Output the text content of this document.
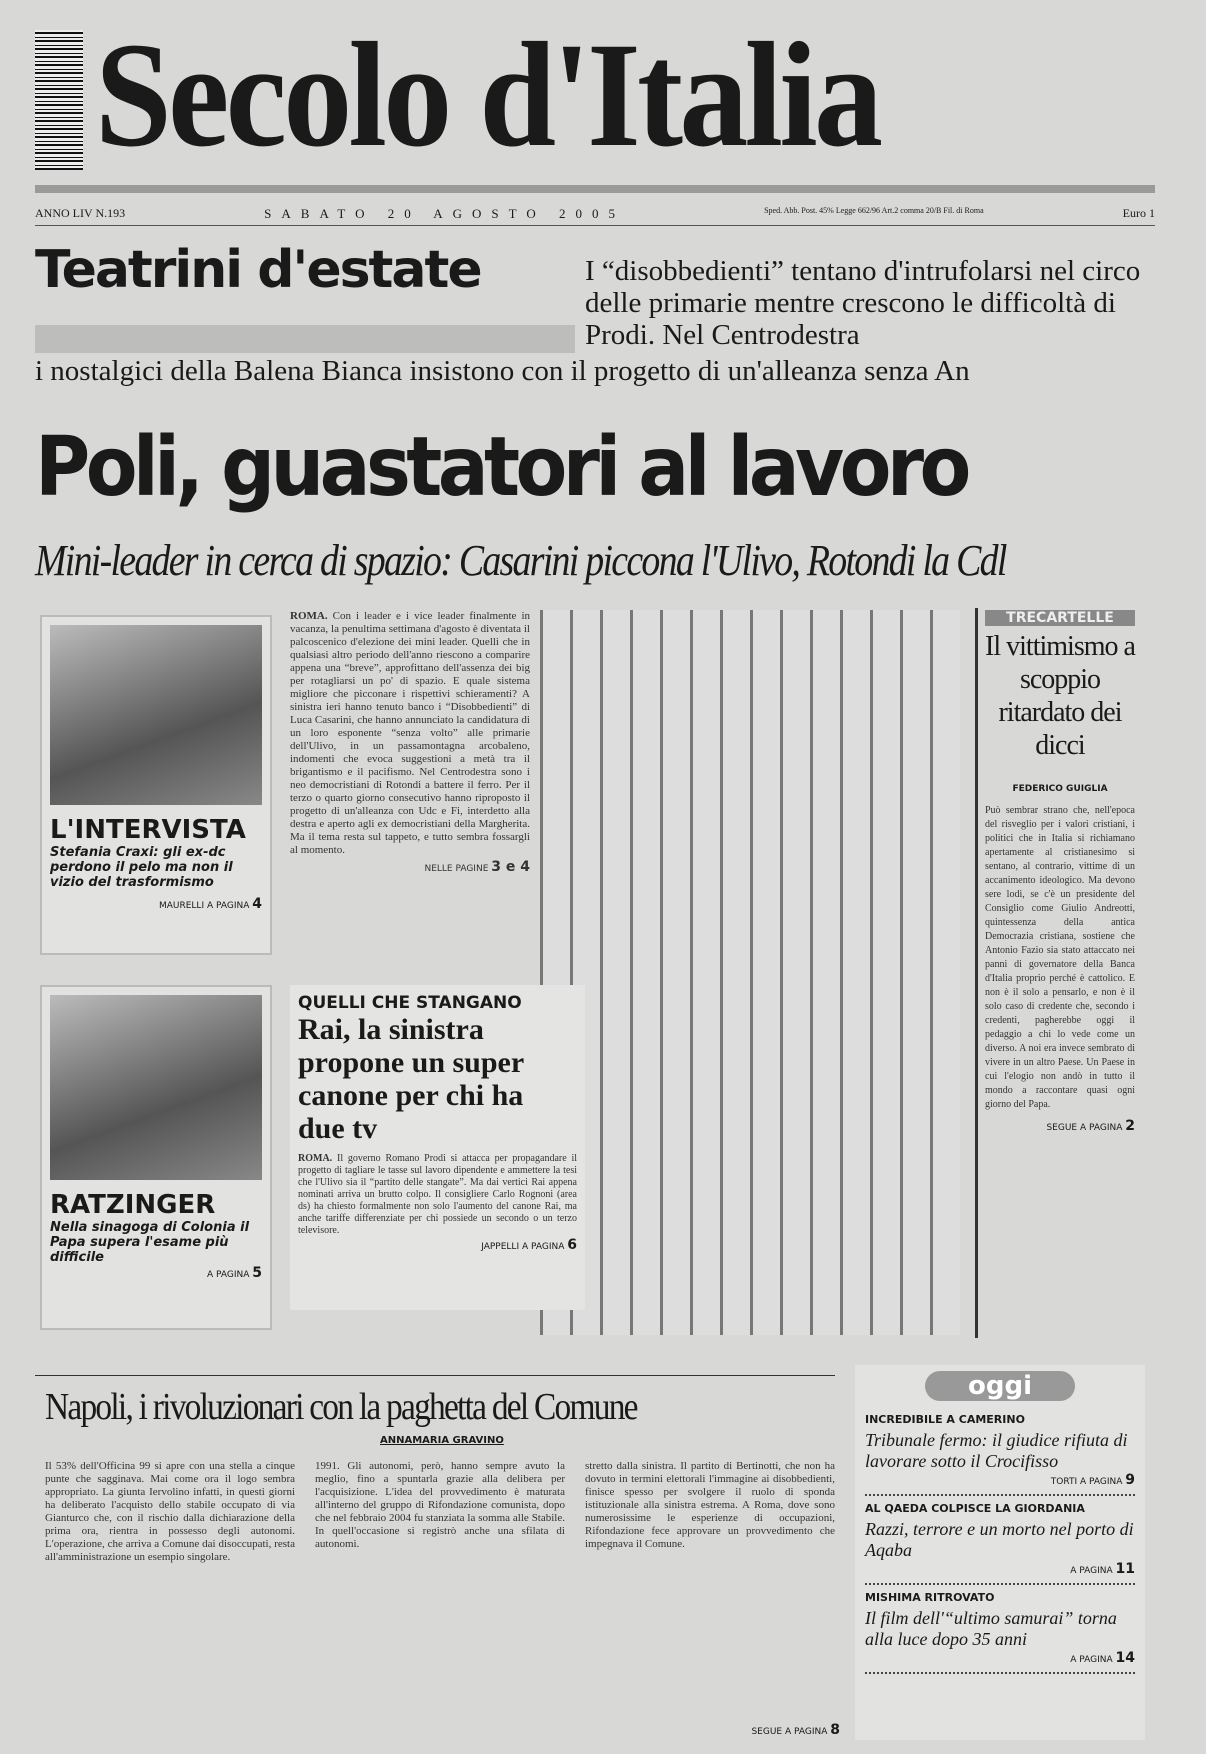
Secolo d'Italia
ANNO LIV N.193	SABATO 20 AGOSTO 2005	Sped. Abb. Post. 45% Legge 662/96 Art.2 comma 20/B Fil. di Roma	Euro 1
Teatrini d'estate	I “disobbedienti” tentano d'intrufolarsi nel circo delle primarie mentre crescono le difficoltà di Prodi. Nel Centrodestra
i nostalgici della Balena Bianca insistono con il progetto di un'alleanza senza An
Poli, guastatori al lavoro
Mini-leader in cerca di spazio: Casarini piccona l'Ulivo, Rotondi la Cdl
L'INTERVISTA
Stefania Craxi: gli ex-dc perdono il pelo ma non il vizio del trasformismo
MAURELLI A PAGINA 4
ROMA. Con i leader e i vice leader finalmente in vacanza, la penultima settimana d'agosto è diventata il palcoscenico d'elezione dei mini leader. Quelli che in qualsiasi altro periodo dell'anno riescono a comparire appena una “breve”, approfittano dell'assenza dei big per rotagliarsi un po' di spazio. E quale sistema migliore che picconare i rispettivi schieramenti? A sinistra ieri hanno tenuto banco i “Disobbedienti” di Luca Casarini, che hanno annunciato la candidatura di un loro esponente “senza volto” alle primarie dell'Ulivo, in un passamontagna arcobaleno, indomenti che evoca suggestioni a metà tra il brigantismo e il pacifismo. Nel Centrodestra sono i neo democristiani di Rotondi a battere il ferro. Per il terzo o quarto giorno consecutivo hanno riproposto il progetto di un'alleanza con Udc e Fi, interdetto alla destra e aperto agli ex democristiani della Margherita. Ma il tema resta sul tappeto, e tutto sembra fossargli al momento.
NELLE PAGINE 3 e 4
RATZINGER
Nella sinagoga di Colonia il Papa supera l'esame più difficile
A PAGINA 5
QUELLI CHE STANGANO
Rai, la sinistra propone un super canone per chi ha due tv
ROMA. Il governo Romano Prodi si attacca per propagandare il progetto di tagliare le tasse sul lavoro dipendente e ammettere la tesi che l'Ulivo sia il “partito delle stangate”. Ma dai vertici Rai appena nominati arriva un brutto colpo. Il consigliere Carlo Rognoni (area ds) ha chiesto formalmente non solo l'aumento del canone Rai, ma anche tariffe differenziate per chi possiede un secondo o un terzo televisore.
JAPPELLI A PAGINA 6
TRECARTELLE
Il vittimismo a scoppio ritardato dei dicci
FEDERICO GUIGLIA
Può sembrar strano che, nell'epoca del risveglio per i valori cristiani, i politici che in Italia si richiamano apertamente al cristianesimo si sentano, al contrario, vittime di un accanimento ideologico. Ma devono sere lodi, se c'è un presidente del Consiglio come Giulio Andreotti, quintessenza della antica Democrazia cristiana, sostiene che Antonio Fazio sia stato attaccato nei panni di governatore della Banca d'Italia proprio perché è cattolico. E non è il solo a pensarlo, e non è il solo caso di credente che, secondo i credenti, pagherebbe oggi il pedaggio a chi lo vede come un diverso. A noi era invece sembrato di vivere in un altro Paese. Un Paese in cui l'elogio non andò in tutto il mondo a raccontare quasi ogni giorno del Papa.
SEGUE A PAGINA 2
Napoli, i rivoluzionari con la paghetta del Comune
ANNAMARIA GRAVINO
Il 53% dell'Officina 99 si apre con una stella a cinque punte che sagginava. Mai come ora il logo sembra appropriato. La giunta Iervolino infatti, in questi giorni ha deliberato l'acquisto dello stabile occupato di via Gianturco che, con il rischio dalla dichiarazione della prima ora, rientra in possesso degli autonomi. L'operazione, che arriva a Comune dai disoccupati, resta all'amministrazione un esempio singolare.
1991. Gli autonomi, però, hanno sempre avuto la meglio, fino a spuntarla grazie alla delibera per l'acquisizione. L'idea del provvedimento è maturata all'interno del gruppo di Rifondazione comunista, dopo che nel febbraio 2004 fu stanziata la somma alle Stabile. In quell'occasione si registrò anche una sfilata di autonomi.
stretto dalla sinistra. Il partito di Bertinotti, che non ha dovuto in termini elettorali l'immagine ai disobbedienti, finisce spesso per svolgere il ruolo di sponda istituzionale alla sinistra estrema. A Roma, dove sono numerosissime le esperienze di occupazioni, Rifondazione fece approvare un provvedimento che impegnava il Comune.
SEGUE A PAGINA 8
oggi
INCREDIBILE A CAMERINO
Tribunale fermo: il giudice rifiuta di lavorare sotto il Crocifisso
TORTI A PAGINA 9
AL QAEDA COLPISCE LA GIORDANIA
Razzi, terrore e un morto nel porto di Aqaba
A PAGINA 11
MISHIMA RITROVATO
Il film dell'“ultimo samurai” torna alla luce dopo 35 anni
A PAGINA 14
